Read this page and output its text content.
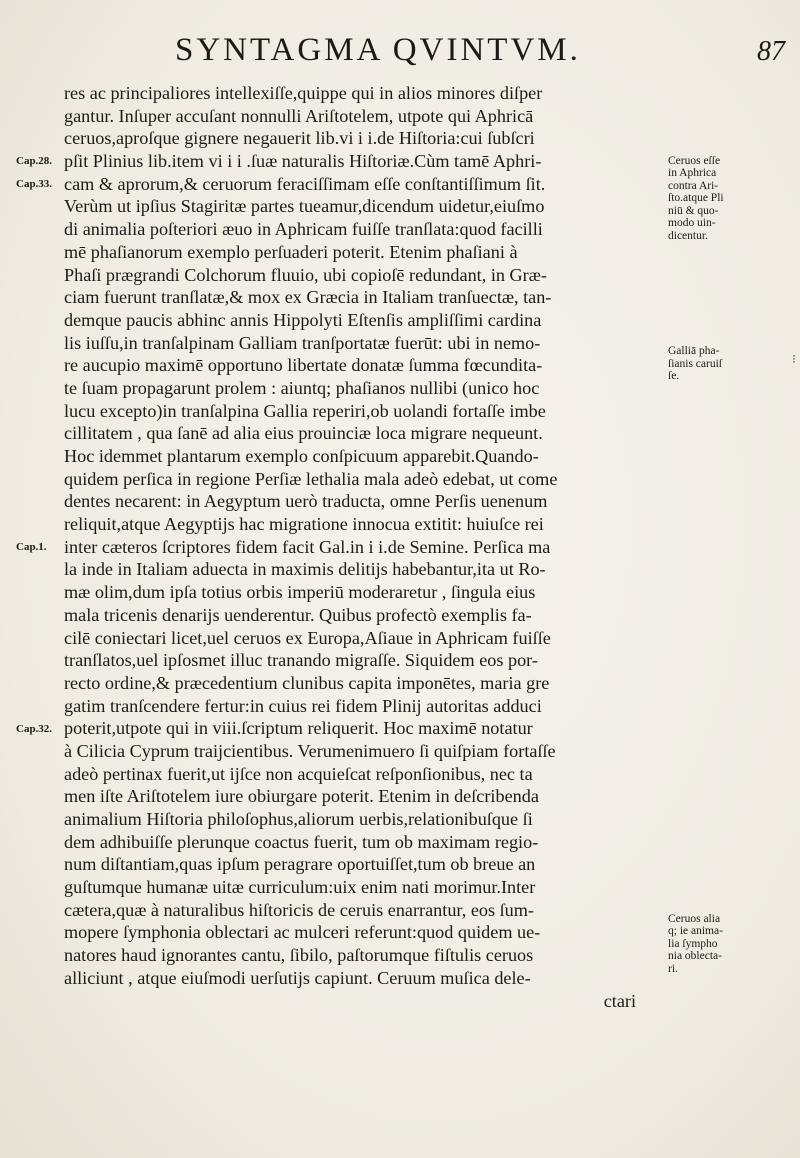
SYNTAGMA QVINTVM.	87
Cap.28.
Cap.33.
Cap.1.
Cap.32.
res ac principaliores intellexiſſe,quippe qui in alios minores diſper
gantur. Inſuper accuſant nonnulli Ariſtotelem, utpote qui Aphricā
ceruos,aproſque gignere negauerit lib.vi i i.de Hiſtoria:cui ſubſcri
pſit Plinius lib.item vi i i .ſuæ naturalis Hiſtoriæ.Cùm tamē Aphri-
cam & aprorum,& ceruorum feraciſſimam eſſe conſtantiſſimum ſit.
Verùm ut ipſius Stagiritæ partes tueamur,dicendum uidetur,eiuſmo
di animalia poſteriori æuo in Aphricam fuiſſe tranſlata:quod facilli
mē phaſianorum exemplo perſuaderi poterit. Etenim phaſiani à
Phaſi prægrandi Colchorum fluuio, ubi copioſē redundant, in Græ-
ciam fuerunt tranſlatæ,& mox ex Græcia in Italiam tranſuectæ, tan-
demque paucis abhinc annis Hippolyti Eſtenſis ampliſſimi cardina
lis iuſſu,in tranſalpinam Galliam tranſportatæ fuerūt: ubi in nemo-
re aucupio maximē opportuno libertate donatæ ſumma fœcundita-
te ſuam propagarunt prolem : aiuntq; phaſianos nullibi (unico hoc
lucu excepto)in tranſalpina Gallia reperiri,ob uolandi fortaſſe imbe
cillitatem , qua ſanē ad alia eius prouinciæ loca migrare nequeunt.
Hoc idemmet plantarum exemplo conſpicuum apparebit.Quando-
quidem perſica in regione Perſiæ lethalia mala adeò edebat, ut come
dentes necarent: in Aegyptum uerò traducta, omne Perſis uenenum
reliquit,atque Aegyptijs hac migratione innocua extitit: huiuſce rei
inter cæteros ſcriptores fidem facit Gal.in i i.de Semine. Perſica ma
la inde in Italiam aduecta in maximis delitijs habebantur,ita ut Ro-
mæ olim,dum ipſa totius orbis imperiū moderaretur , ſingula eius
mala tricenis denarijs uenderentur. Quibus profectò exemplis fa-
cilē coniectari licet,uel ceruos ex Europa,Aſiaue in Aphricam fuiſſe
tranſlatos,uel ipſosmet illuc tranando migraſſe. Siquidem eos por-
recto ordine,& præcedentium clunibus capita imponētes, maria gre
gatim tranſcendere fertur:in cuius rei fidem Plinij autoritas adduci
poterit,utpote qui in viii.ſcriptum reliquerit. Hoc maximē notatur
à Cilicia Cyprum traijcientibus. Verumenimuero ſi quiſpiam fortaſſe
adeò pertinax fuerit,ut ijſce non acquieſcat reſponſionibus, nec ta
men iſte Ariſtotelem iure obiurgare poterit. Etenim in deſcribenda
animalium Hiſtoria philoſophus,aliorum uerbis,relationibuſque ſi
dem adhibuiſſe plerunque coactus fuerit, tum ob maximam regio-
num diſtantiam,quas ipſum peragrare oportuiſſet,tum ob breue an
guſtumque humanæ uitæ curriculum:uix enim nati morimur.Inter
cætera,quæ à naturalibus hiſtoricis de ceruis enarrantur, eos ſum-
mopere ſymphonia oblectari ac mulceri referunt:quod quidem ue-
natores haud ignorantes cantu, ſibilo, paſtorumque fiſtulis ceruos
alliciunt , atque eiuſmodi uerſutijs capiunt. Ceruum muſica dele-
ctari
Ceruos eſſe
in Aphrica
contra Ari-
ſto.atque Pli
niū & quo-
modo uin-
dicentur.
Galliā pha-
ſianis caruiſ
ſe.
Ceruos alia
q; ie anima-
lia ſympho
nia oblecta-
ri.
⁝
